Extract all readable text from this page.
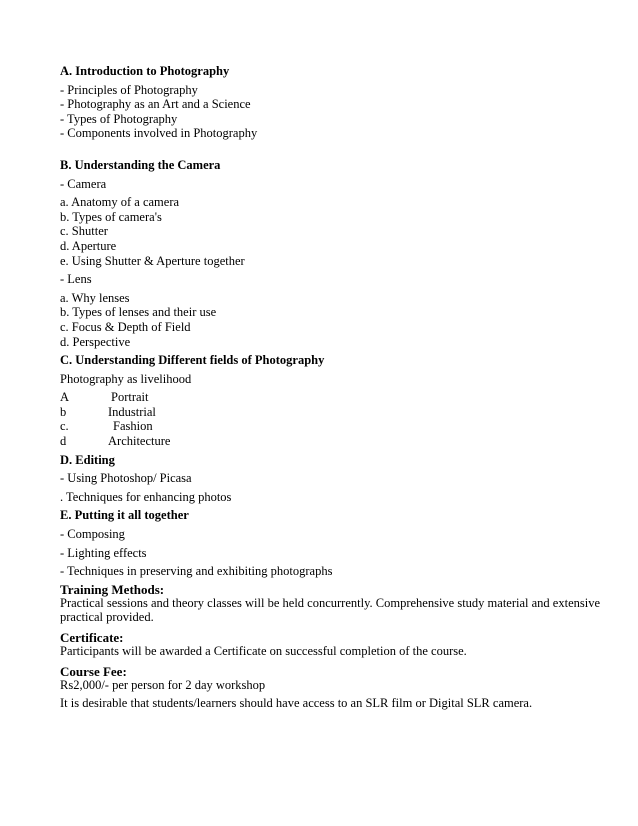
A. Introduction to Photography

- Principles of Photography

- Photography as an Art and a Science

- Types of Photography

- Components involved in Photography

B. Understanding the Camera

- Camera

a. Anatomy of a camera

b. Types of camera's

c. Shutter

d. Aperture

e. Using Shutter & Aperture together

- Lens

a. Why lenses

b. Types of lenses and their use

c. Focus & Depth of Field

d. Perspective

C. Understanding Different fields of Photography

Photography as livelihood

A	Portrait
b	Industrial
c.	Fashion
d	Architecture

D. Editing

- Using Photoshop/ Picasa

. Techniques for enhancing photos

E. Putting it all together

- Composing

- Lighting effects

- Techniques in preserving and exhibiting photographs

Training Methods:

Practical sessions and theory classes will be held concurrently. Comprehensive study material and extensive practical provided.

Certificate:

Participants will be awarded a Certificate on successful completion of the course.

Course Fee:

Rs2,000/- per person for 2 day workshop

It is desirable that students/learners should have access to an SLR film or Digital SLR camera.
